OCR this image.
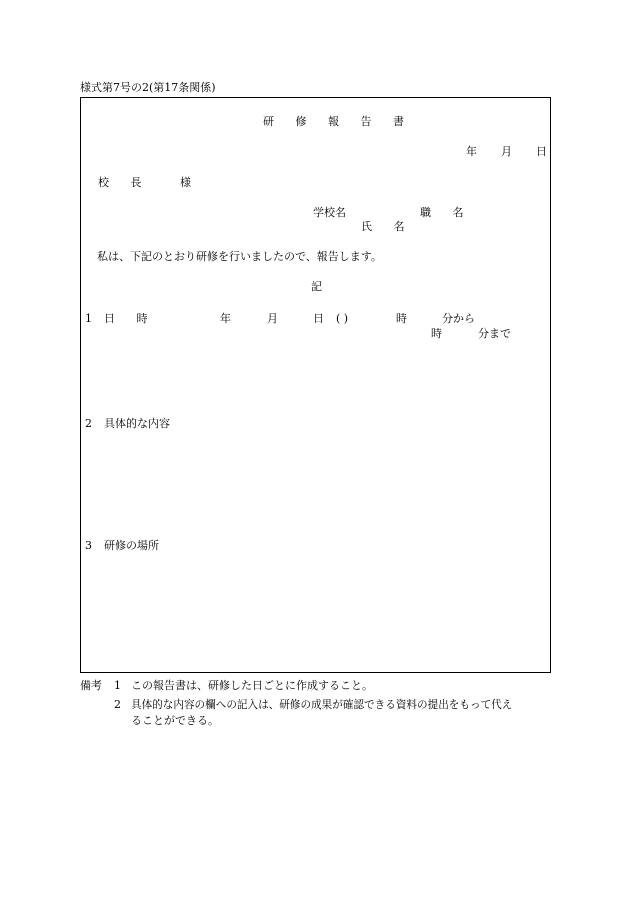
様式第7号の2(第17条関係)
研 修 報 告 書
年 月 日
校 長	様
学校名	職 名
氏 名
私は、下記のとおり研修を行いましたので、報告します。
記
1 日 時	年	月	日 ( )	時	分から
時	分まで
2 具体的な内容
3 研修の場所
備考 1 この報告書は、研修した日ごとに作成すること。
2 具体的な内容の欄への記入は、研修の成果が確認できる資料の提出をもって代え
ることができる。
